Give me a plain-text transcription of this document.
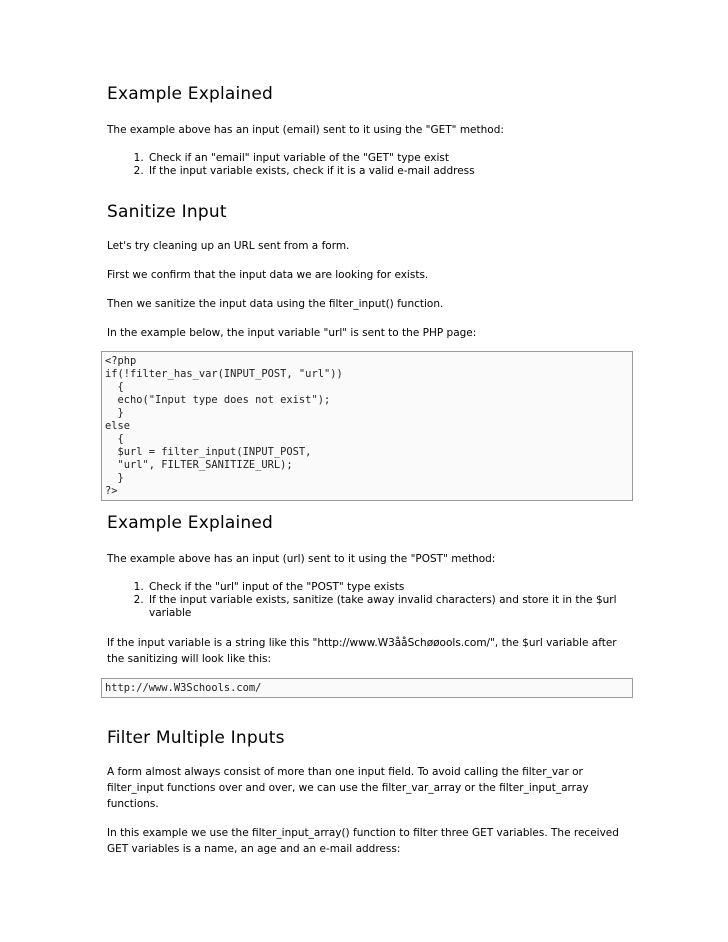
Example Explained

The example above has an input (email) sent to it using the "GET" method:

1. Check if an "email" input variable of the "GET" type exist
2. If the input variable exists, check if it is a valid e-mail address
Sanitize Input

Let's try cleaning up an URL sent from a form.

First we confirm that the input data we are looking for exists.

Then we sanitize the input data using the filter_input() function.

In the example below, the input variable "url" is sent to the PHP page:

<?php
if(!filter_has_var(INPUT_POST, "url"))
{
echo("Input type does not exist");
}
else
{
$url = filter_input(INPUT_POST,
"url", FILTER_SANITIZE_URL);
}
?>
Example Explained

The example above has an input (url) sent to it using the "POST" method:

1. Check if the "url" input of the "POST" type exists
2. If the input variable exists, sanitize (take away invalid characters) and store it in the $url variable

If the input variable is a string like this "http://www.W3ååSchøøools.com/", the $url variable after the sanitizing will look like this:

http://www.W3Schools.com/
Filter Multiple Inputs

A form almost always consist of more than one input field. To avoid calling the filter_var or filter_input functions over and over, we can use the filter_var_array or the filter_input_array functions.

In this example we use the filter_input_array() function to filter three GET variables. The received GET variables is a name, an age and an e-mail address:
